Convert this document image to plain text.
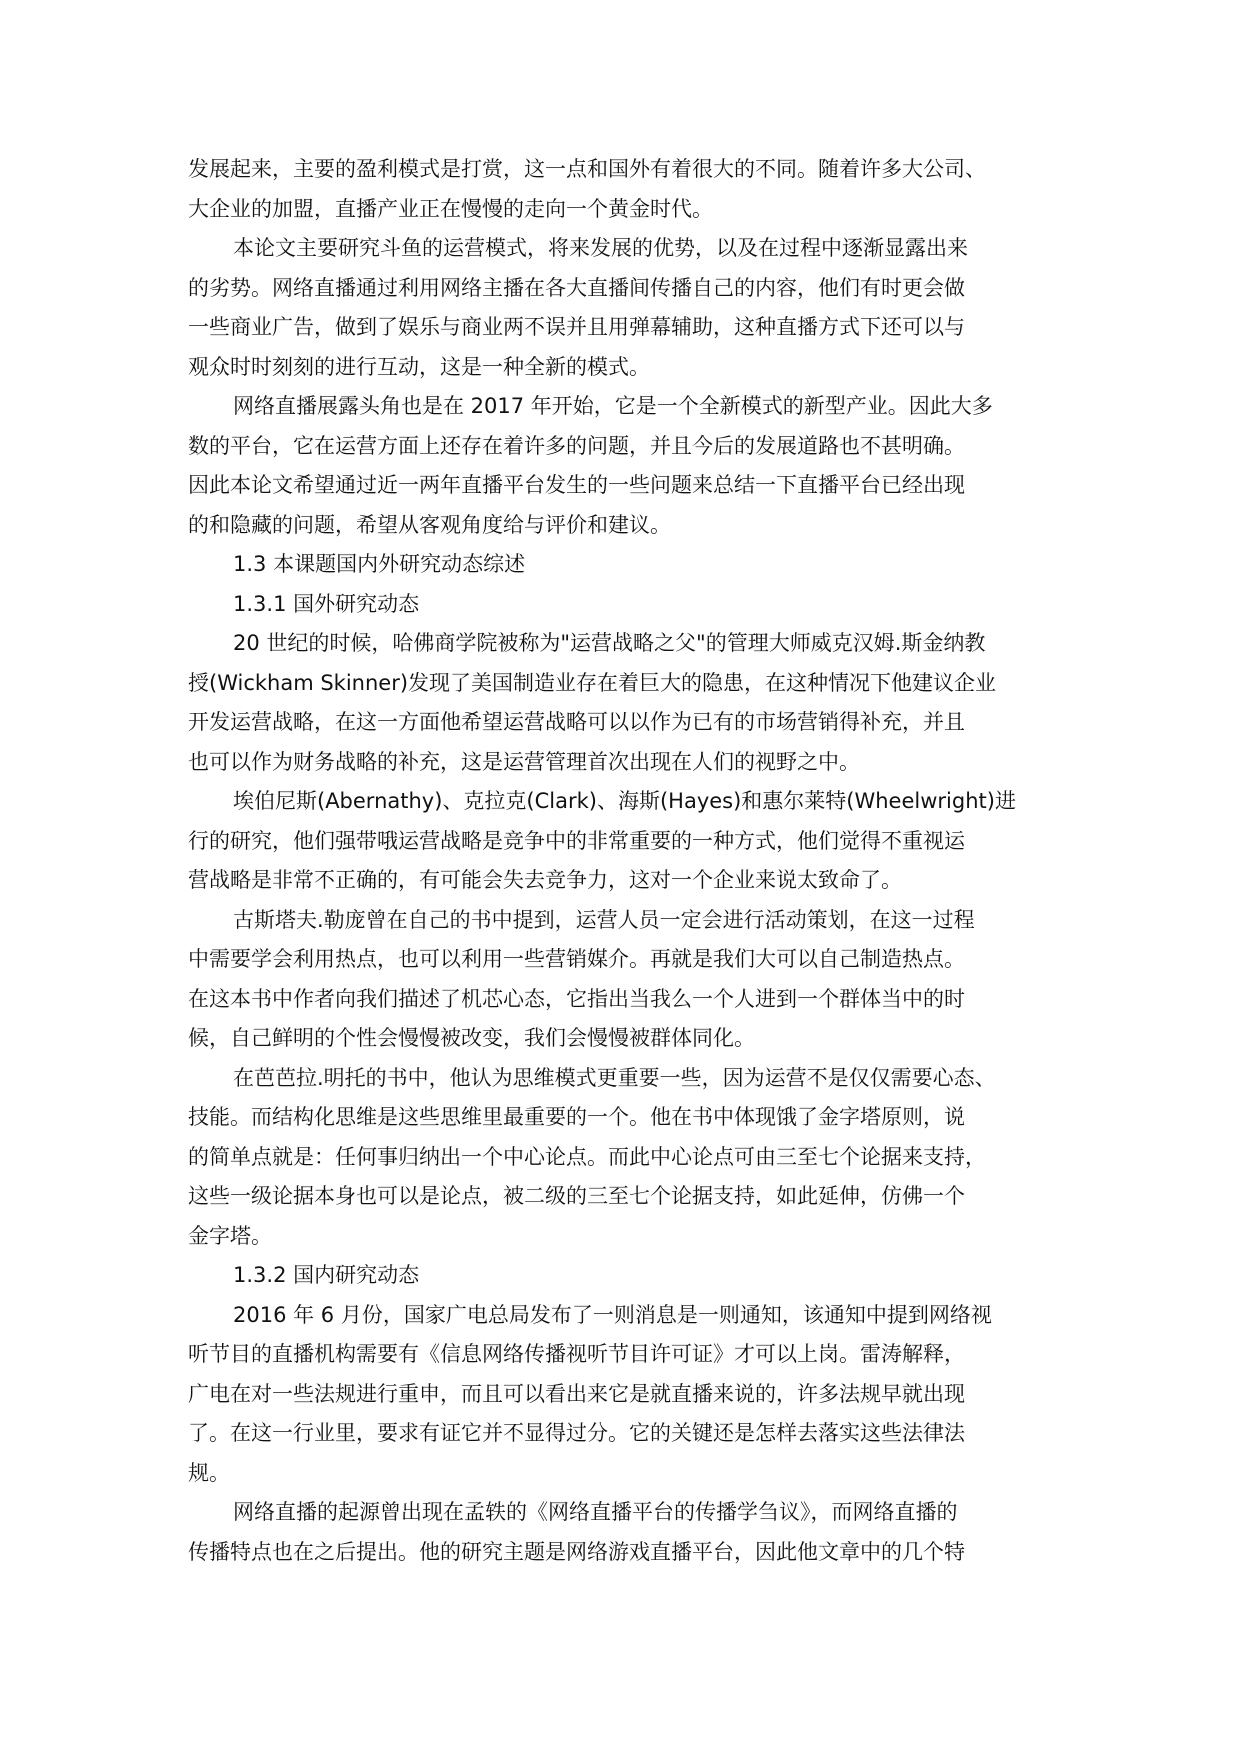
发展起来，主要的盈利模式是打赏，这一点和国外有着很大的不同。随着许多大公司、
大企业的加盟，直播产业正在慢慢的走向一个黄金时代。
本论文主要研究斗鱼的运营模式，将来发展的优势，以及在过程中逐渐显露出来
的劣势。网络直播通过利用网络主播在各大直播间传播自己的内容，他们有时更会做
一些商业广告，做到了娱乐与商业两不误并且用弹幕辅助，这种直播方式下还可以与
观众时时刻刻的进行互动，这是一种全新的模式。
网络直播展露头角也是在 2017 年开始，它是一个全新模式的新型产业。因此大多
数的平台，它在运营方面上还存在着许多的问题，并且今后的发展道路也不甚明确。
因此本论文希望通过近一两年直播平台发生的一些问题来总结一下直播平台已经出现
的和隐藏的问题，希望从客观角度给与评价和建议。
1.3 本课题国内外研究动态综述
1.3.1 国外研究动态
20 世纪的时候，哈佛商学院被称为"运营战略之父"的管理大师威克汉姆.斯金纳教
授(Wickham Skinner)发现了美国制造业存在着巨大的隐患，在这种情况下他建议企业
开发运营战略，在这一方面他希望运营战略可以以作为已有的市场营销得补充，并且
也可以作为财务战略的补充，这是运营管理首次出现在人们的视野之中。
埃伯尼斯(Abernathy)、克拉克(Clark)、海斯(Hayes)和惠尔莱特(Wheelwright)进
行的研究，他们强带哦运营战略是竞争中的非常重要的一种方式，他们觉得不重视运
营战略是非常不正确的，有可能会失去竞争力，这对一个企业来说太致命了。
古斯塔夫.勒庞曾在自己的书中提到，运营人员一定会进行活动策划，在这一过程
中需要学会利用热点，也可以利用一些营销媒介。再就是我们大可以自己制造热点。
在这本书中作者向我们描述了机芯心态，它指出当我么一个人进到一个群体当中的时
候，自己鲜明的个性会慢慢被改变，我们会慢慢被群体同化。
在芭芭拉.明托的书中，他认为思维模式更重要一些，因为运营不是仅仅需要心态、
技能。而结构化思维是这些思维里最重要的一个。他在书中体现饿了金字塔原则，说
的简单点就是：任何事归纳出一个中心论点。而此中心论点可由三至七个论据来支持，
这些一级论据本身也可以是论点，被二级的三至七个论据支持，如此延伸，仿佛一个
金字塔。
1.3.2 国内研究动态
2016 年 6 月份，国家广电总局发布了一则消息是一则通知，该通知中提到网络视
听节目的直播机构需要有《信息网络传播视听节目许可证》才可以上岗。雷涛解释，
广电在对一些法规进行重申，而且可以看出来它是就直播来说的，许多法规早就出现
了。在这一行业里，要求有证它并不显得过分。它的关键还是怎样去落实这些法律法
规。
网络直播的起源曾出现在孟轶的《网络直播平台的传播学刍议》，而网络直播的
传播特点也在之后提出。他的研究主题是网络游戏直播平台，因此他文章中的几个特
